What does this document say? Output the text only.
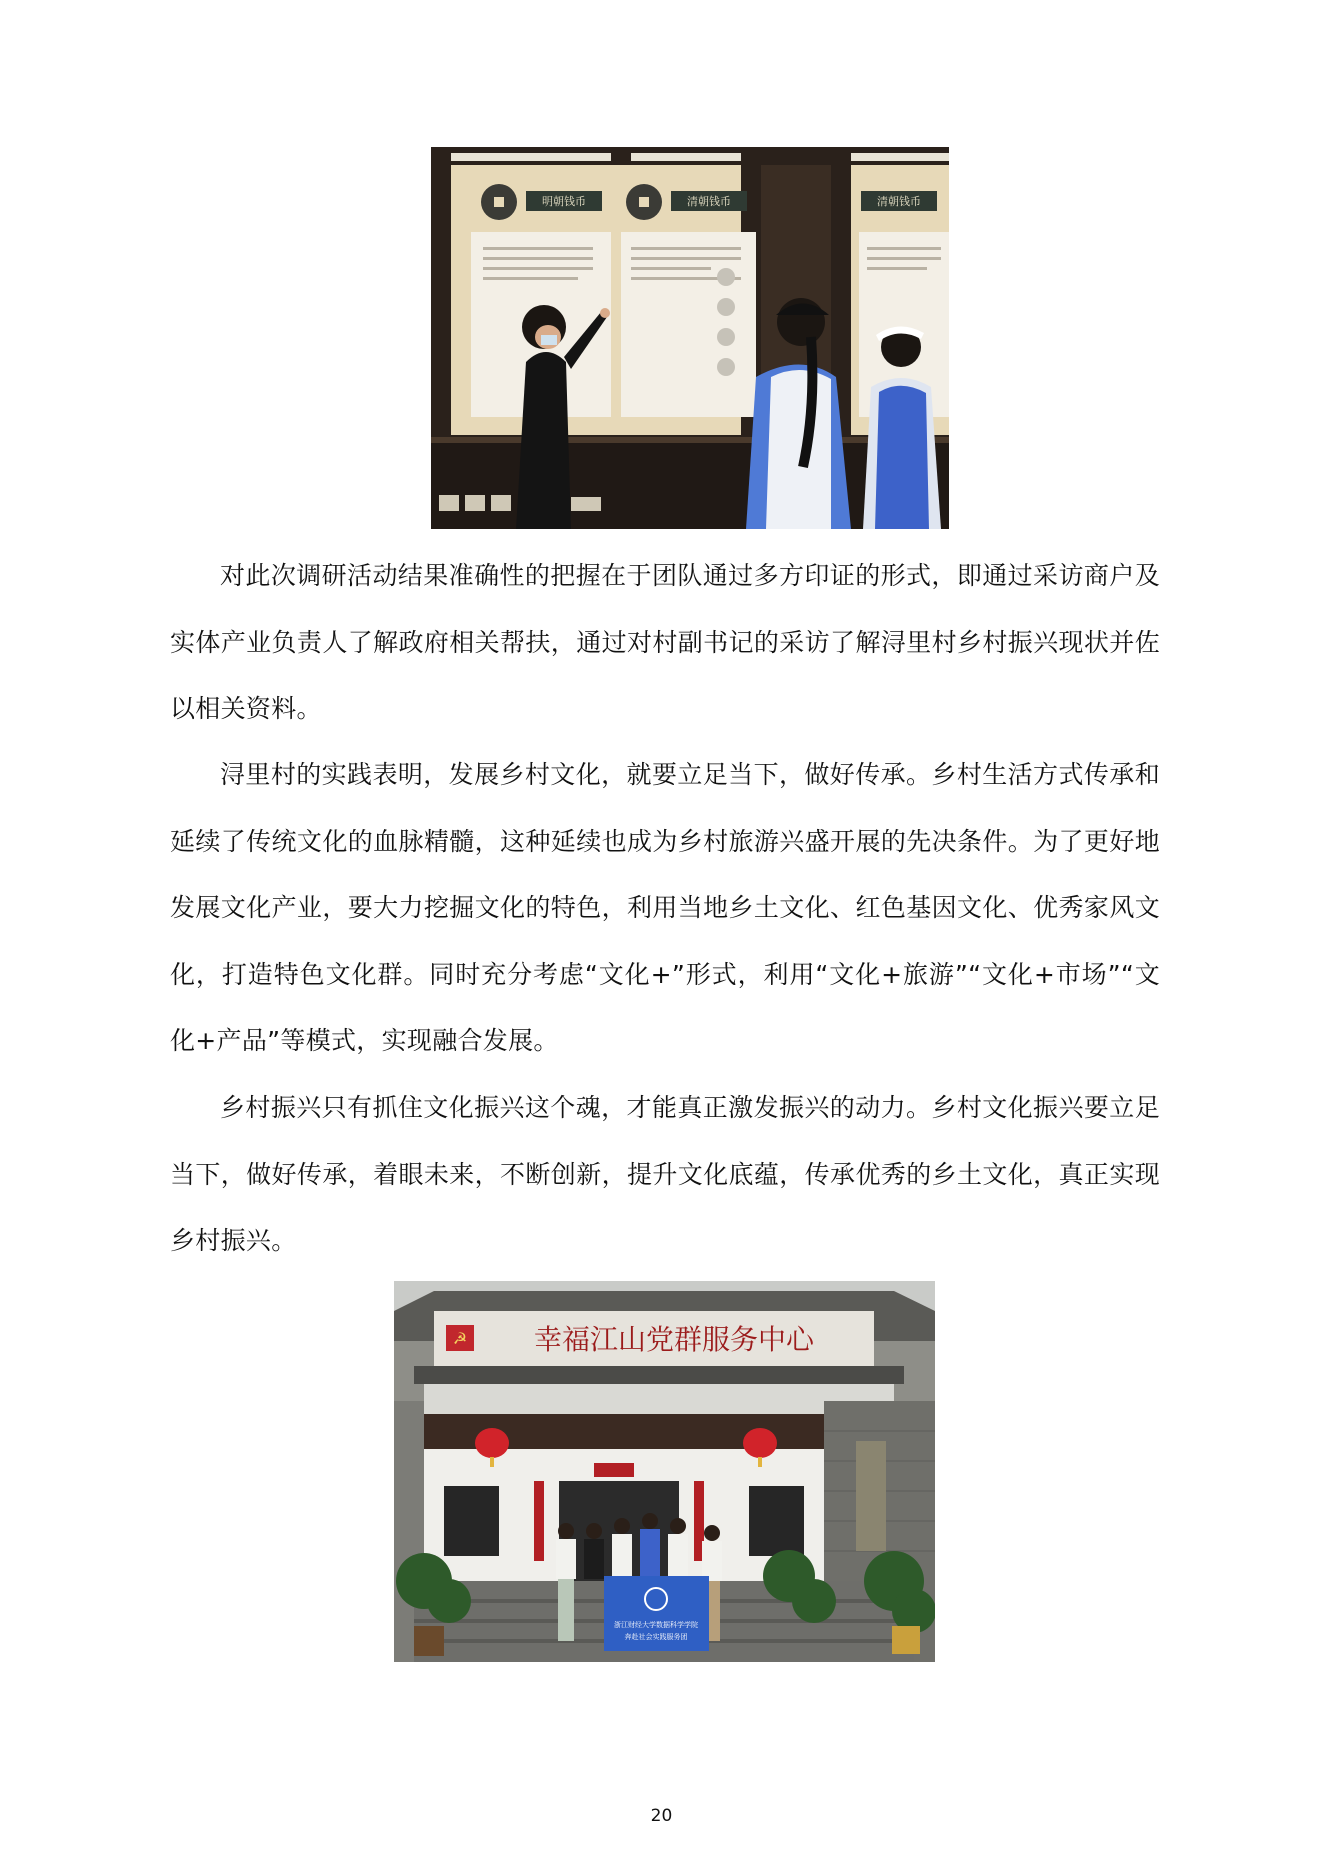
明朝钱币	清朝钱币	清朝钱币

对此次调研活动结果准确性的把握在于团队通过多方印证的形式，即通过采访商户及实体产业负责人了解政府相关帮扶，通过对村副书记的采访了解浔里村乡村振兴现状并佐以相关资料。

浔里村的实践表明，发展乡村文化，就要立足当下，做好传承。乡村生活方式传承和延续了传统文化的血脉精髓，这种延续也成为乡村旅游兴盛开展的先决条件。为了更好地发展文化产业，要大力挖掘文化的特色，利用当地乡土文化、红色基因文化、优秀家风文化，打造特色文化群。同时充分考虑“文化+”形式，利用“文化+旅游”“文化+市场”“文化+产品”等模式，实现融合发展。

乡村振兴只有抓住文化振兴这个魂，才能真正激发振兴的动力。乡村文化振兴要立足当下，做好传承，着眼未来，不断创新，提升文化底蕴，传承优秀的乡土文化，真正实现乡村振兴。

☭ 幸福江山党群服务中心
浙江财经大学数据科学学院
奔赴社会实践服务团
20
